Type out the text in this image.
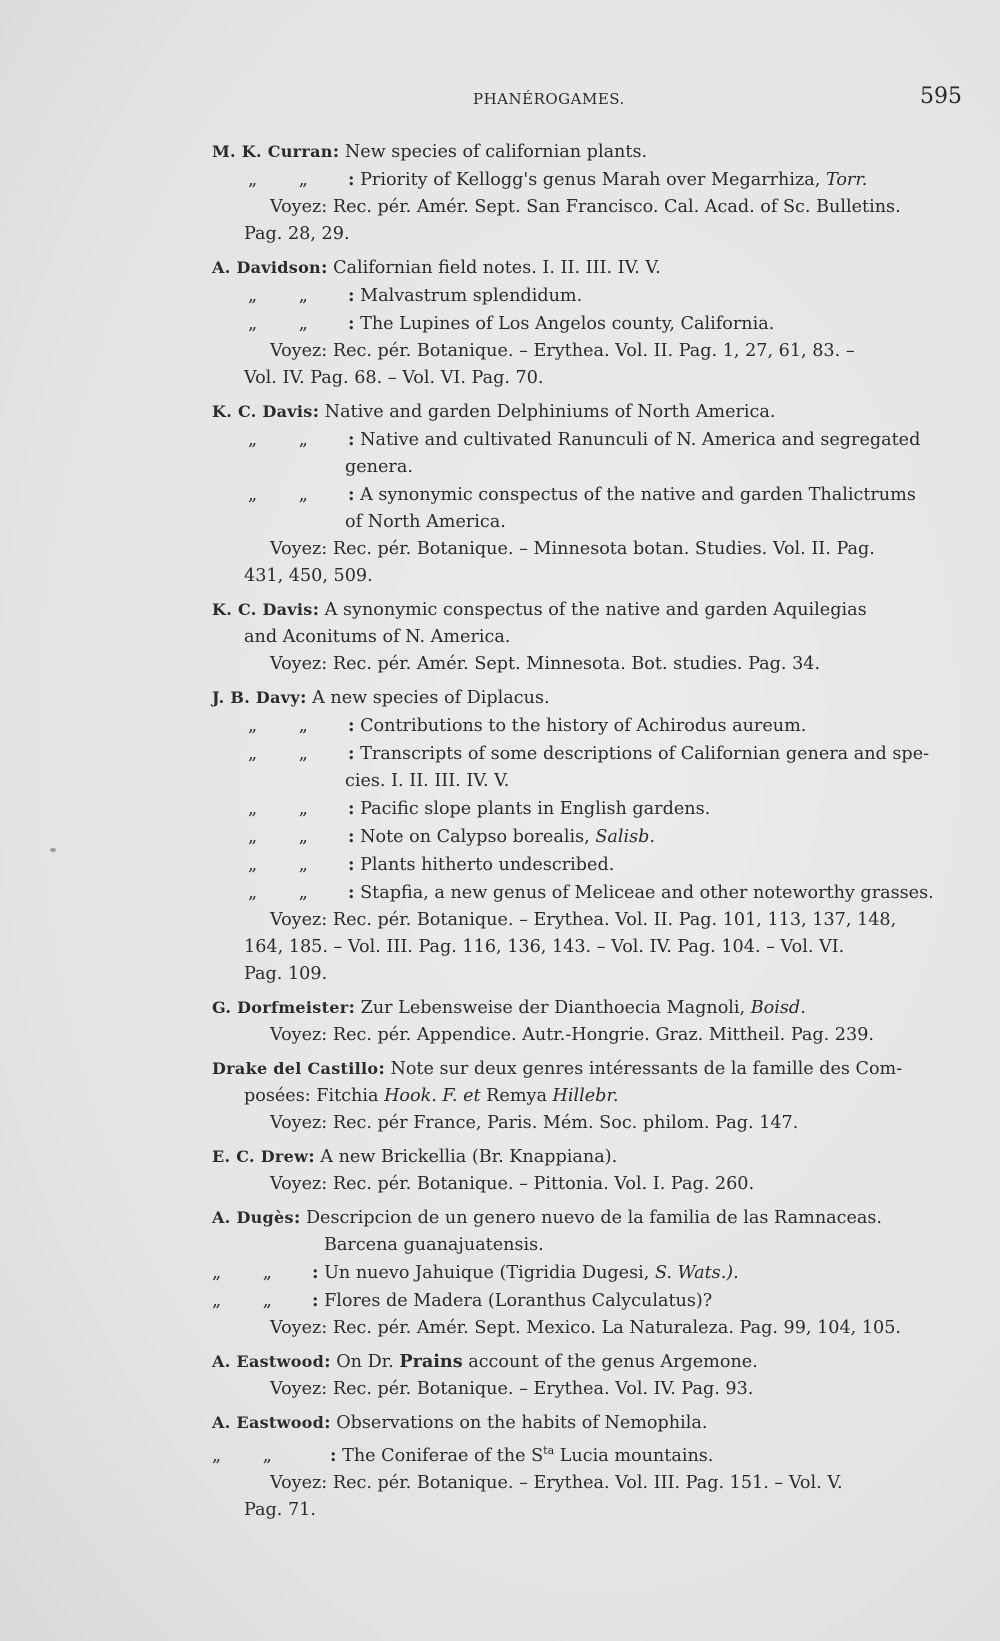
PHANÉROGAMES.	595
M. K. Curran: New species of californian plants.
„ „ : Priority of Kellogg's genus Marah over Megarrhiza, Torr.
Voyez: Rec. pér. Amér. Sept. San Francisco. Cal. Acad. of Sc. Bulletins.
Pag. 28, 29.
A. Davidson: Californian field notes. I. II. III. IV. V.
„ „ : Malvastrum splendidum.
„ „ : The Lupines of Los Angelos county, California.
Voyez: Rec. pér. Botanique. – Erythea. Vol. II. Pag. 1, 27, 61, 83. –
Vol. IV. Pag. 68. – Vol. VI. Pag. 70.
K. C. Davis: Native and garden Delphiniums of North America.
„ „ : Native and cultivated Ranunculi of N. America and segregated
genera.
„ „ : A synonymic conspectus of the native and garden Thalictrums
of North America.
Voyez: Rec. pér. Botanique. – Minnesota botan. Studies. Vol. II. Pag.
431, 450, 509.
K. C. Davis: A synonymic conspectus of the native and garden Aquilegias
and Aconitums of N. America.
Voyez: Rec. pér. Amér. Sept. Minnesota. Bot. studies. Pag. 34.
J. B. Davy: A new species of Diplacus.
„ „ : Contributions to the history of Achirodus aureum.
„ „ : Transcripts of some descriptions of Californian genera and spe-
cies. I. II. III. IV. V.
„ „ : Pacific slope plants in English gardens.
„ „ : Note on Calypso borealis, Salisb.
„ „ : Plants hitherto undescribed.
„ „ : Stapfia, a new genus of Meliceae and other noteworthy grasses.
Voyez: Rec. pér. Botanique. – Erythea. Vol. II. Pag. 101, 113, 137, 148,
164, 185. – Vol. III. Pag. 116, 136, 143. – Vol. IV. Pag. 104. – Vol. VI.
Pag. 109.
G. Dorfmeister: Zur Lebensweise der Dianthoecia Magnoli, Boisd.
Voyez: Rec. pér. Appendice. Autr.-Hongrie. Graz. Mittheil. Pag. 239.
Drake del Castillo: Note sur deux genres intéressants de la famille des Com-
posées: Fitchia Hook. F. et Remya Hillebr.
Voyez: Rec. pér France, Paris. Mém. Soc. philom. Pag. 147.
E. C. Drew: A new Brickellia (Br. Knappiana).
Voyez: Rec. pér. Botanique. – Pittonia. Vol. I. Pag. 260.
A. Dugès: Descripcion de un genero nuevo de la familia de las Ramnaceas.
Barcena guanajuatensis.
„ „ : Un nuevo Jahuique (Tigridia Dugesi, S. Wats.).
„ „ : Flores de Madera (Loranthus Calyculatus)?
Voyez: Rec. pér. Amér. Sept. Mexico. La Naturaleza. Pag. 99, 104, 105.
A. Eastwood: On Dr. Prains account of the genus Argemone.
Voyez: Rec. pér. Botanique. – Erythea. Vol. IV. Pag. 93.
A. Eastwood: Observations on the habits of Nemophila.
„ „ : The Coniferae of the $S^{ta}$ Lucia mountains.
Voyez: Rec. pér. Botanique. – Erythea. Vol. III. Pag. 151. – Vol. V.
Pag. 71.
